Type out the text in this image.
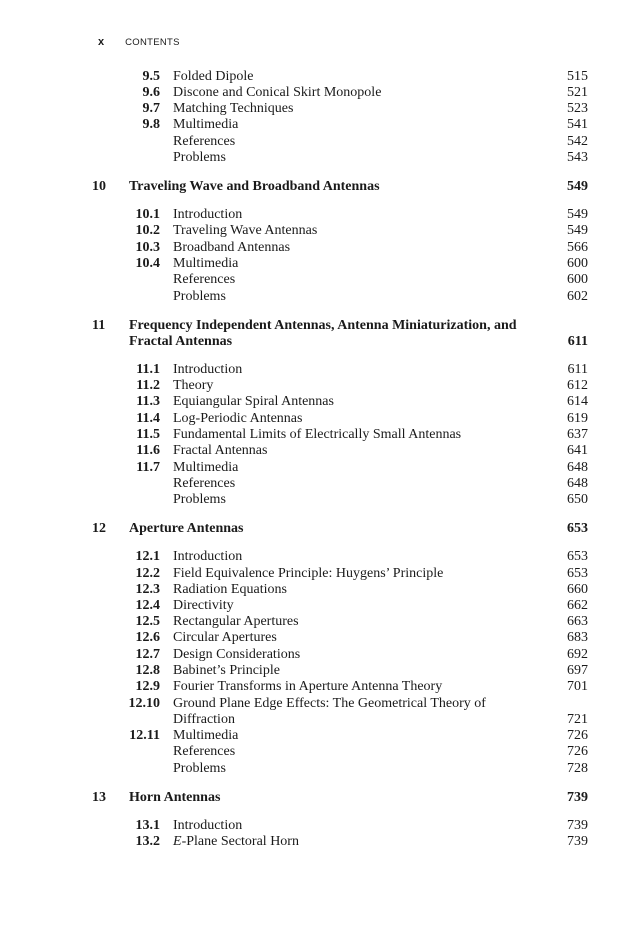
x CONTENTS
9.5 Folded Dipole	515
9.6 Discone and Conical Skirt Monopole	521
9.7 Matching Techniques	523
9.8 Multimedia	541
References	542
Problems	543
10 Traveling Wave and Broadband Antennas	549
10.1 Introduction	549
10.2 Traveling Wave Antennas	549
10.3 Broadband Antennas	566
10.4 Multimedia	600
References	600
Problems	602
11 Frequency Independent Antennas, Antenna Miniaturization, and
Fractal Antennas	611
11.1 Introduction	611
11.2 Theory	612
11.3 Equiangular Spiral Antennas	614
11.4 Log-Periodic Antennas	619
11.5 Fundamental Limits of Electrically Small Antennas	637
11.6 Fractal Antennas	641
11.7 Multimedia	648
References	648
Problems	650
12 Aperture Antennas	653
12.1 Introduction	653
12.2 Field Equivalence Principle: Huygens’ Principle	653
12.3 Radiation Equations	660
12.4 Directivity	662
12.5 Rectangular Apertures	663
12.6 Circular Apertures	683
12.7 Design Considerations	692
12.8 Babinet’s Principle	697
12.9 Fourier Transforms in Aperture Antenna Theory	701
12.10 Ground Plane Edge Effects: The Geometrical Theory of
Diffraction	721
12.11 Multimedia	726
References	726
Problems	728
13 Horn Antennas	739
13.1 Introduction	739
13.2 E-Plane Sectoral Horn	739
